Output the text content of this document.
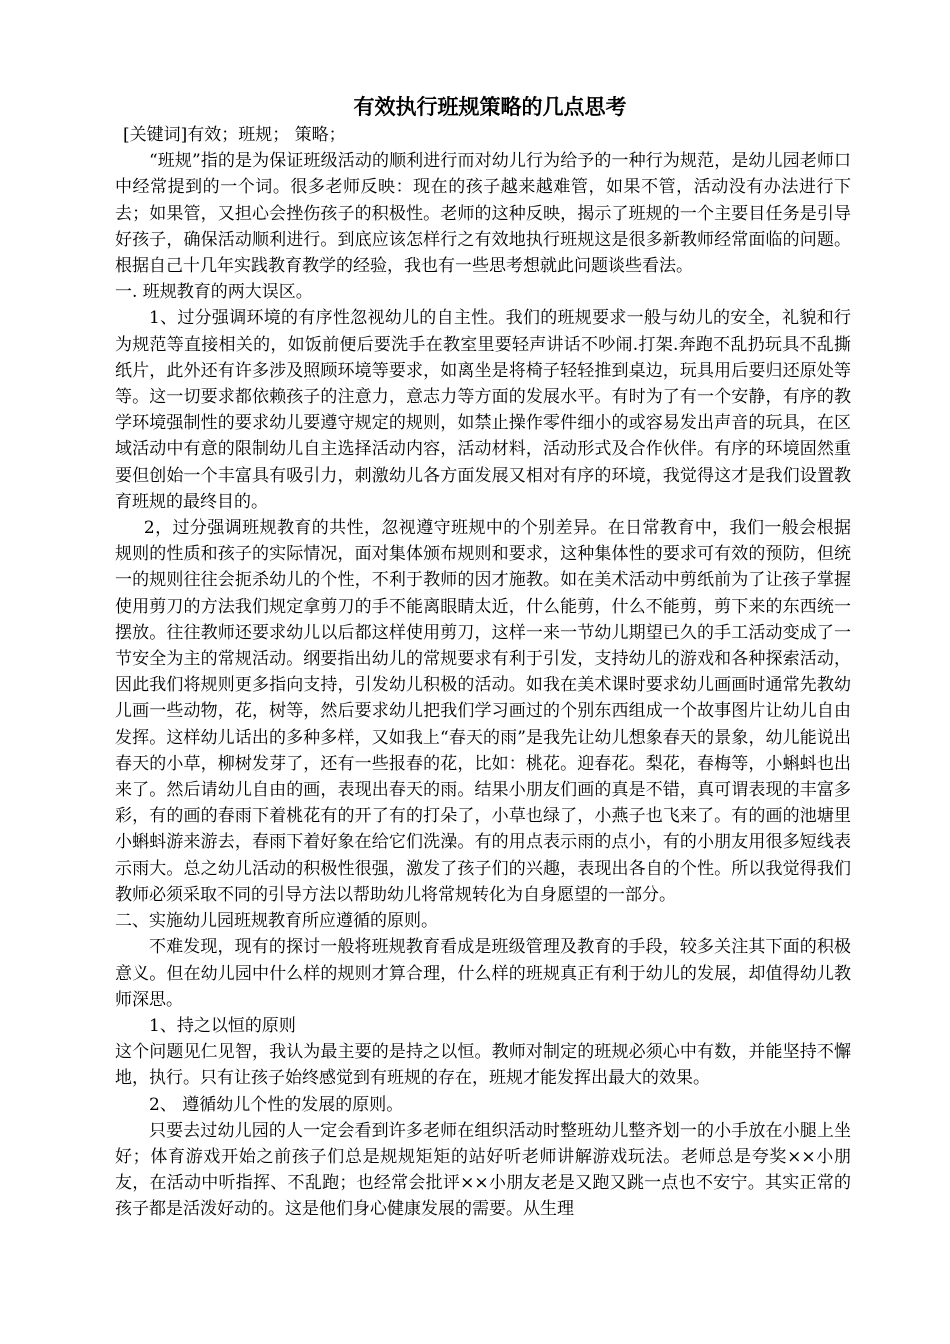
有效执行班规策略的几点思考

[关键词]有效；班规； 策略；

“班规”指的是为保证班级活动的顺利进行而对幼儿行为给予的一种行为规范，是幼儿园老师口中经常提到的一个词。很多老师反映：现在的孩子越来越难管，如果不管，活动没有办法进行下去；如果管，又担心会挫伤孩子的积极性。老师的这种反映，揭示了班规的一个主要目任务是引导好孩子，确保活动顺利进行。到底应该怎样行之有效地执行班规这是很多新教师经常面临的问题。根据自己十几年实践教育教学的经验，我也有一些思考想就此问题谈些看法。

一. 班规教育的两大误区。

1、过分强调环境的有序性忽视幼儿的自主性。我们的班规要求一般与幼儿的安全，礼貌和行为规范等直接相关的，如饭前便后要洗手在教室里要轻声讲话不吵闹.打架.奔跑不乱扔玩具不乱撕纸片，此外还有许多涉及照顾环境等要求，如离坐是将椅子轻轻推到桌边，玩具用后要归还原处等等。这一切要求都依赖孩子的注意力，意志力等方面的发展水平。有时为了有一个安静，有序的教学环境强制性的要求幼儿要遵守规定的规则，如禁止操作零件细小的或容易发出声音的玩具，在区域活动中有意的限制幼儿自主选择活动内容，活动材料，活动形式及合作伙伴。有序的环境固然重要但创始一个丰富具有吸引力，刺激幼儿各方面发展又相对有序的环境，我觉得这才是我们设置教育班规的最终目的。

2，过分强调班规教育的共性，忽视遵守班规中的个别差异。在日常教育中，我们一般会根据规则的性质和孩子的实际情况，面对集体颁布规则和要求，这种集体性的要求可有效的预防，但统一的规则往往会扼杀幼儿的个性，不利于教师的因才施教。如在美术活动中剪纸前为了让孩子掌握使用剪刀的方法我们规定拿剪刀的手不能离眼睛太近，什么能剪，什么不能剪，剪下来的东西统一摆放。往往教师还要求幼儿以后都这样使用剪刀，这样一来一节幼儿期望已久的手工活动变成了一节安全为主的常规活动。纲要指出幼儿的常规要求有利于引发，支持幼儿的游戏和各种探索活动，因此我们将规则更多指向支持，引发幼儿积极的活动。如我在美术课时要求幼儿画画时通常先教幼儿画一些动物，花，树等，然后要求幼儿把我们学习画过的个别东西组成一个故事图片让幼儿自由发挥。这样幼儿话出的多种多样，又如我上“春天的雨”是我先让幼儿想象春天的景象，幼儿能说出春天的小草，柳树发芽了，还有一些报春的花，比如：桃花。迎春花。梨花，春梅等，小蝌蚪也出来了。然后请幼儿自由的画，表现出春天的雨。结果小朋友们画的真是不错，真可谓表现的丰富多彩，有的画的春雨下着桃花有的开了有的打朵了，小草也绿了，小燕子也飞来了。有的画的池塘里小蝌蚪游来游去，春雨下着好象在给它们洗澡。有的用点表示雨的点小，有的小朋友用很多短线表示雨大。总之幼儿活动的积极性很强，激发了孩子们的兴趣，表现出各自的个性。所以我觉得我们教师必须采取不同的引导方法以帮助幼儿将常规转化为自身愿望的一部分。

二、实施幼儿园班规教育所应遵循的原则。

不难发现，现有的探讨一般将班规教育看成是班级管理及教育的手段，较多关注其下面的积极意义。但在幼儿园中什么样的规则才算合理，什么样的班规真正有利于幼儿的发展，却值得幼儿教师深思。

1、持之以恒的原则

这个问题见仁见智，我认为最主要的是持之以恒。教师对制定的班规必须心中有数，并能坚持不懈地，执行。只有让孩子始终感觉到有班规的存在，班规才能发挥出最大的效果。

2、 遵循幼儿个性的发展的原则。

只要去过幼儿园的人一定会看到许多老师在组织活动时整班幼儿整齐划一的小手放在小腿上坐好；体育游戏开始之前孩子们总是规规矩矩的站好听老师讲解游戏玩法。老师总是夸奖××小朋友，在活动中听指挥、不乱跑；也经常会批评××小朋友老是又跑又跳一点也不安宁。其实正常的孩子都是活泼好动的。这是他们身心健康发展的需要。从生理
